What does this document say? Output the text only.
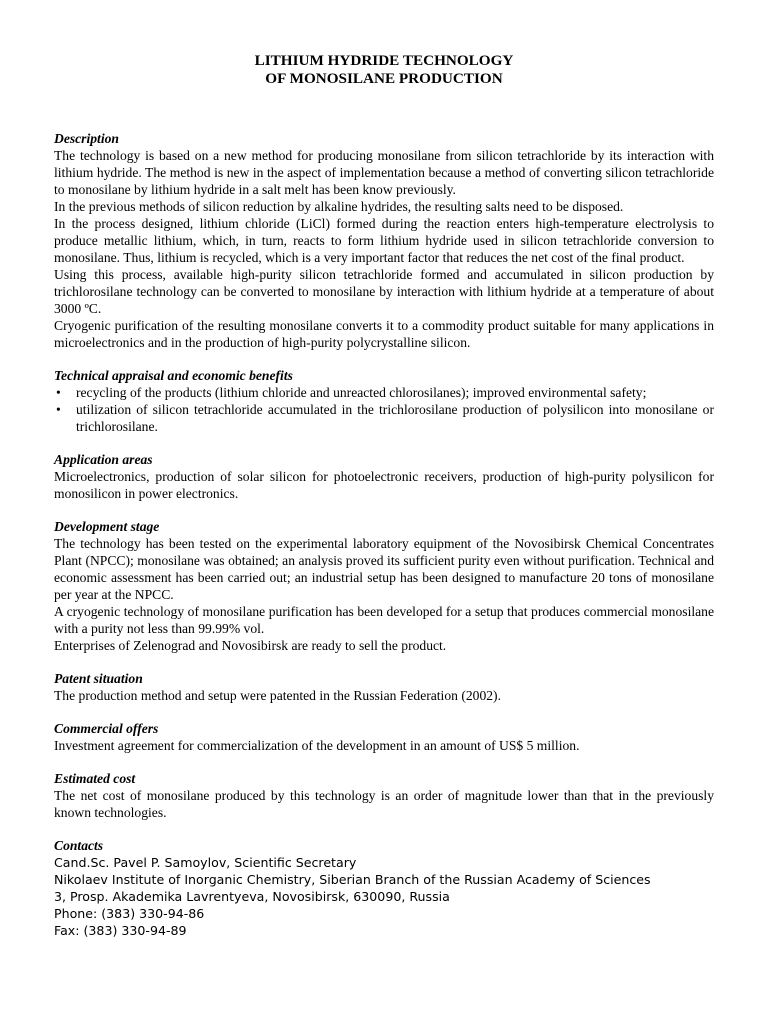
LITHIUM HYDRIDE TECHNOLOGY
OF MONOSILANE PRODUCTION
Description

The technology is based on a new method for producing monosilane from silicon tetrachloride by its interaction with lithium hydride. The method is new in the aspect of implementation because a method of converting silicon tetrachloride to monosilane by lithium hydride in a salt melt has been know previously.

In the previous methods of silicon reduction by alkaline hydrides, the resulting salts need to be disposed.

In the process designed, lithium chloride (LiCl) formed during the reaction enters high-temperature electrolysis to produce metallic lithium, which, in turn, reacts to form lithium hydride used in silicon tetrachloride conversion to monosilane. Thus, lithium is recycled, which is a very important factor that reduces the net cost of the final product.

Using this process, available high-purity silicon tetrachloride formed and accumulated in silicon production by trichlorosilane technology can be converted to monosilane by interaction with lithium hydride at a temperature of about 3000 ºC.

Cryogenic purification of the resulting monosilane converts it to a commodity product suitable for many applications in microelectronics and in the production of high-purity polycrystalline silicon.

Technical appraisal and economic benefits
• recycling of the products (lithium chloride and unreacted chlorosilanes); improved environmental safety;
• utilization of silicon tetrachloride accumulated in the trichlorosilane production of polysilicon into monosilane or trichlorosilane.
Application areas

Microelectronics, production of solar silicon for photoelectronic receivers, production of high-purity polysilicon for monosilicon in power electronics.

Development stage

The technology has been tested on the experimental laboratory equipment of the Novosibirsk Chemical Concentrates Plant (NPCC); monosilane was obtained; an analysis proved its sufficient purity even without purification. Technical and economic assessment has been carried out; an industrial setup has been designed to manufacture 20 tons of monosilane per year at the NPCC.

A cryogenic technology of monosilane purification has been developed for a setup that produces commercial monosilane with a purity not less than 99.99% vol.

Enterprises of Zelenograd and Novosibirsk are ready to sell the product.

Patent situation

The production method and setup were patented in the Russian Federation (2002).

Commercial offers

Investment agreement for commercialization of the development in an amount of US$ 5 million.

Estimated cost

The net cost of monosilane produced by this technology is an order of magnitude lower than that in the previously known technologies.

Contacts
Cand.Sc. Pavel P. Samoylov, Scientific Secretary
Nikolaev Institute of Inorganic Chemistry, Siberian Branch of the Russian Academy of Sciences
3, Prosp. Akademika Lavrentyeva, Novosibirsk, 630090, Russia
Phone: (383) 330-94-86
Fax: (383) 330-94-89
